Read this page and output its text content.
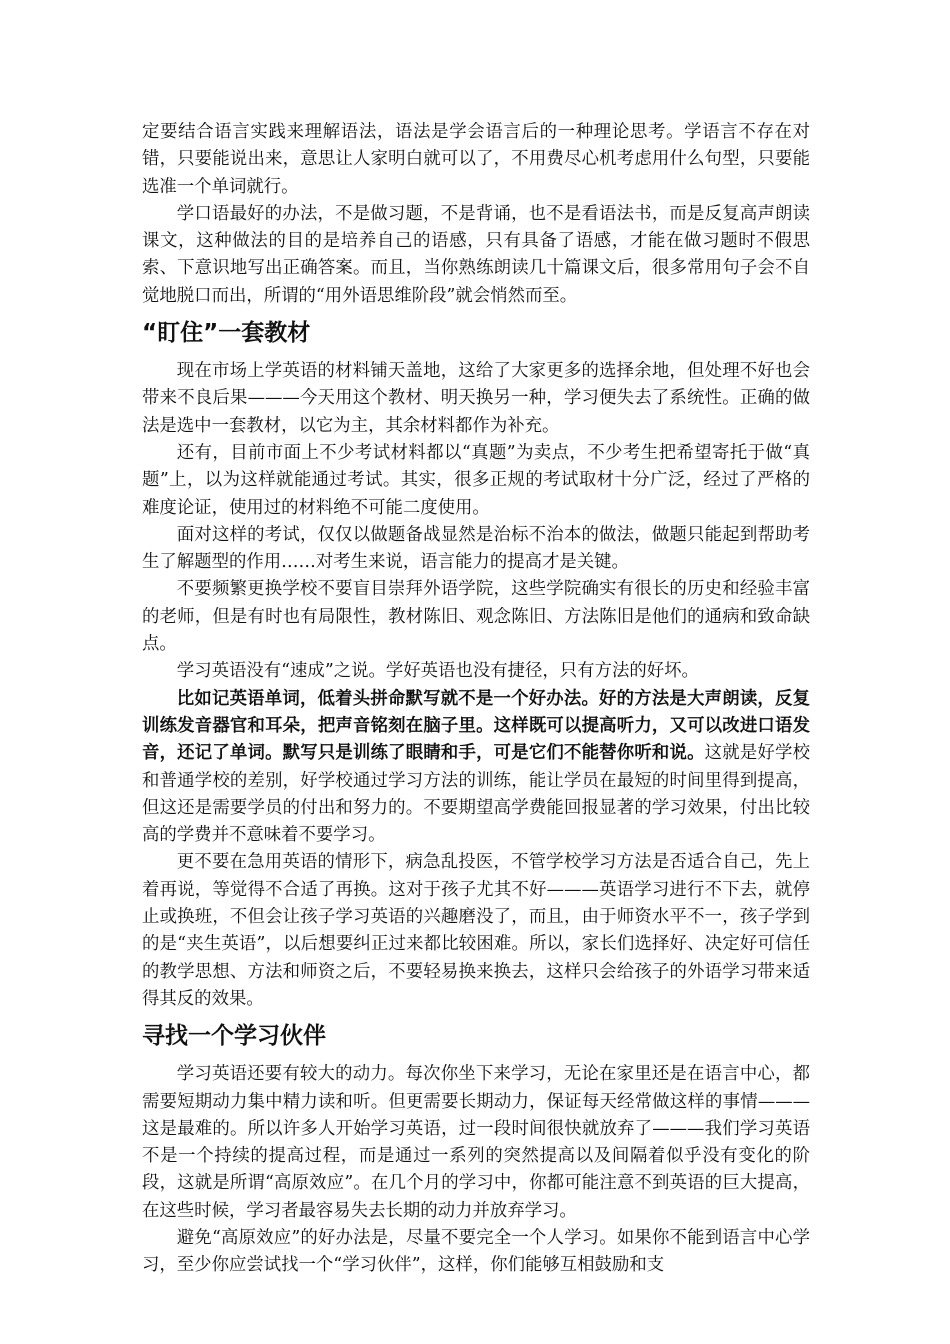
定要结合语言实践来理解语法，语法是学会语言后的一种理论思考。学语言不存在对错，只要能说出来，意思让人家明白就可以了，不用费尽心机考虑用什么句型，只要能选准一个单词就行。

学口语最好的办法，不是做习题，不是背诵，也不是看语法书，而是反复高声朗读课文，这种做法的目的是培养自己的语感，只有具备了语感，才能在做习题时不假思索、下意识地写出正确答案。而且，当你熟练朗读几十篇课文后，很多常用句子会不自觉地脱口而出，所谓的“用外语思维阶段”就会悄然而至。

“盯住”一套教材

现在市场上学英语的材料铺天盖地，这给了大家更多的选择余地，但处理不好也会带来不良后果———今天用这个教材、明天换另一种，学习便失去了系统性。正确的做法是选中一套教材，以它为主，其余材料都作为补充。

还有，目前市面上不少考试材料都以“真题”为卖点，不少考生把希望寄托于做“真题”上，以为这样就能通过考试。其实，很多正规的考试取材十分广泛，经过了严格的难度论证，使用过的材料绝不可能二度使用。

面对这样的考试，仅仅以做题备战显然是治标不治本的做法，做题只能起到帮助考生了解题型的作用……对考生来说，语言能力的提高才是关键。

不要频繁更换学校不要盲目崇拜外语学院，这些学院确实有很长的历史和经验丰富的老师，但是有时也有局限性，教材陈旧、观念陈旧、方法陈旧是他们的通病和致命缺点。

学习英语没有“速成”之说。学好英语也没有捷径，只有方法的好坏。

比如记英语单词，低着头拼命默写就不是一个好办法。好的方法是大声朗读，反复训练发音器官和耳朵，把声音铭刻在脑子里。这样既可以提高听力，又可以改进口语发音，还记了单词。默写只是训练了眼睛和手，可是它们不能替你听和说。这就是好学校和普通学校的差别，好学校通过学习方法的训练，能让学员在最短的时间里得到提高，但这还是需要学员的付出和努力的。不要期望高学费能回报显著的学习效果，付出比较高的学费并不意味着不要学习。

更不要在急用英语的情形下，病急乱投医，不管学校学习方法是否适合自己，先上着再说，等觉得不合适了再换。这对于孩子尤其不好———英语学习进行不下去，就停止或换班，不但会让孩子学习英语的兴趣磨没了，而且，由于师资水平不一，孩子学到的是“夹生英语”，以后想要纠正过来都比较困难。所以，家长们选择好、决定好可信任的教学思想、方法和师资之后，不要轻易换来换去，这样只会给孩子的外语学习带来适得其反的效果。

寻找一个学习伙伴

学习英语还要有较大的动力。每次你坐下来学习，无论在家里还是在语言中心，都需要短期动力集中精力读和听。但更需要长期动力，保证每天经常做这样的事情———这是最难的。所以许多人开始学习英语，过一段时间很快就放弃了———我们学习英语不是一个持续的提高过程，而是通过一系列的突然提高以及间隔着似乎没有变化的阶段，这就是所谓“高原效应”。在几个月的学习中，你都可能注意不到英语的巨大提高，在这些时候，学习者最容易失去长期的动力并放弃学习。

避免“高原效应”的好办法是，尽量不要完全一个人学习。如果你不能到语言中心学习，至少你应尝试找一个“学习伙伴”，这样，你们能够互相鼓励和支
